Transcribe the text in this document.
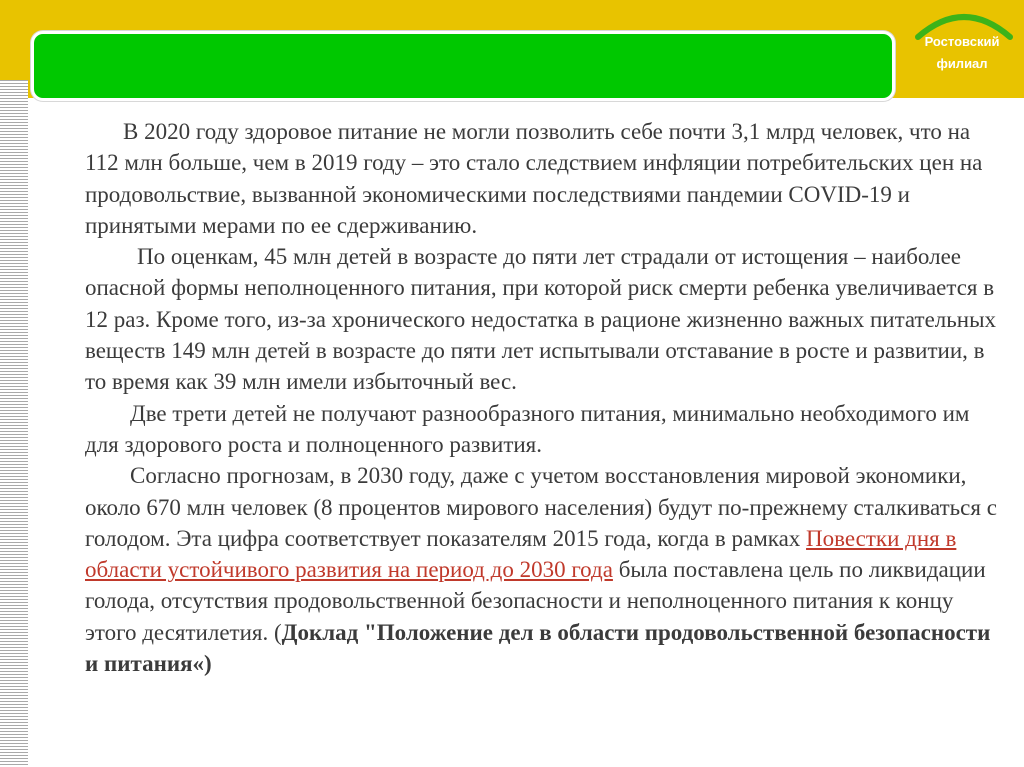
Ростовский
филиал

В 2020 году здоровое питание не могли позволить себе почти 3,1 млрд человек, что на 112 млн больше, чем в 2019 году – это стало следствием инфляции потребительских цен на продовольствие, вызванной экономическими последствиями пандемии COVID-19 и принятыми мерами по ее сдерживанию.

По оценкам, 45 млн детей в возрасте до пяти лет страдали от истощения – наиболее опасной формы неполноценного питания, при которой риск смерти ребенка увеличивается в 12 раз. Кроме того, из-за хронического недостатка в рационе жизненно важных питательных веществ 149 млн детей в возрасте до пяти лет испытывали отставание в росте и развитии, в то время как 39 млн имели избыточный вес.

Две трети детей не получают разнообразного питания, минимально необходимого им для здорового роста и полноценного развития.

Согласно прогнозам, в 2030 году, даже с учетом восстановления мировой экономики, около 670 млн человек (8 процентов мирового населения) будут по-прежнему сталкиваться с голодом. Эта цифра соответствует показателям 2015 года, когда в рамках Повестки дня в области устойчивого развития на период до 2030 года была поставлена цель по ликвидации голода, отсутствия продовольственной безопасности и неполноценного питания к концу этого десятилетия. (Доклад "Положение дел в области продовольственной безопасности и питания«)
